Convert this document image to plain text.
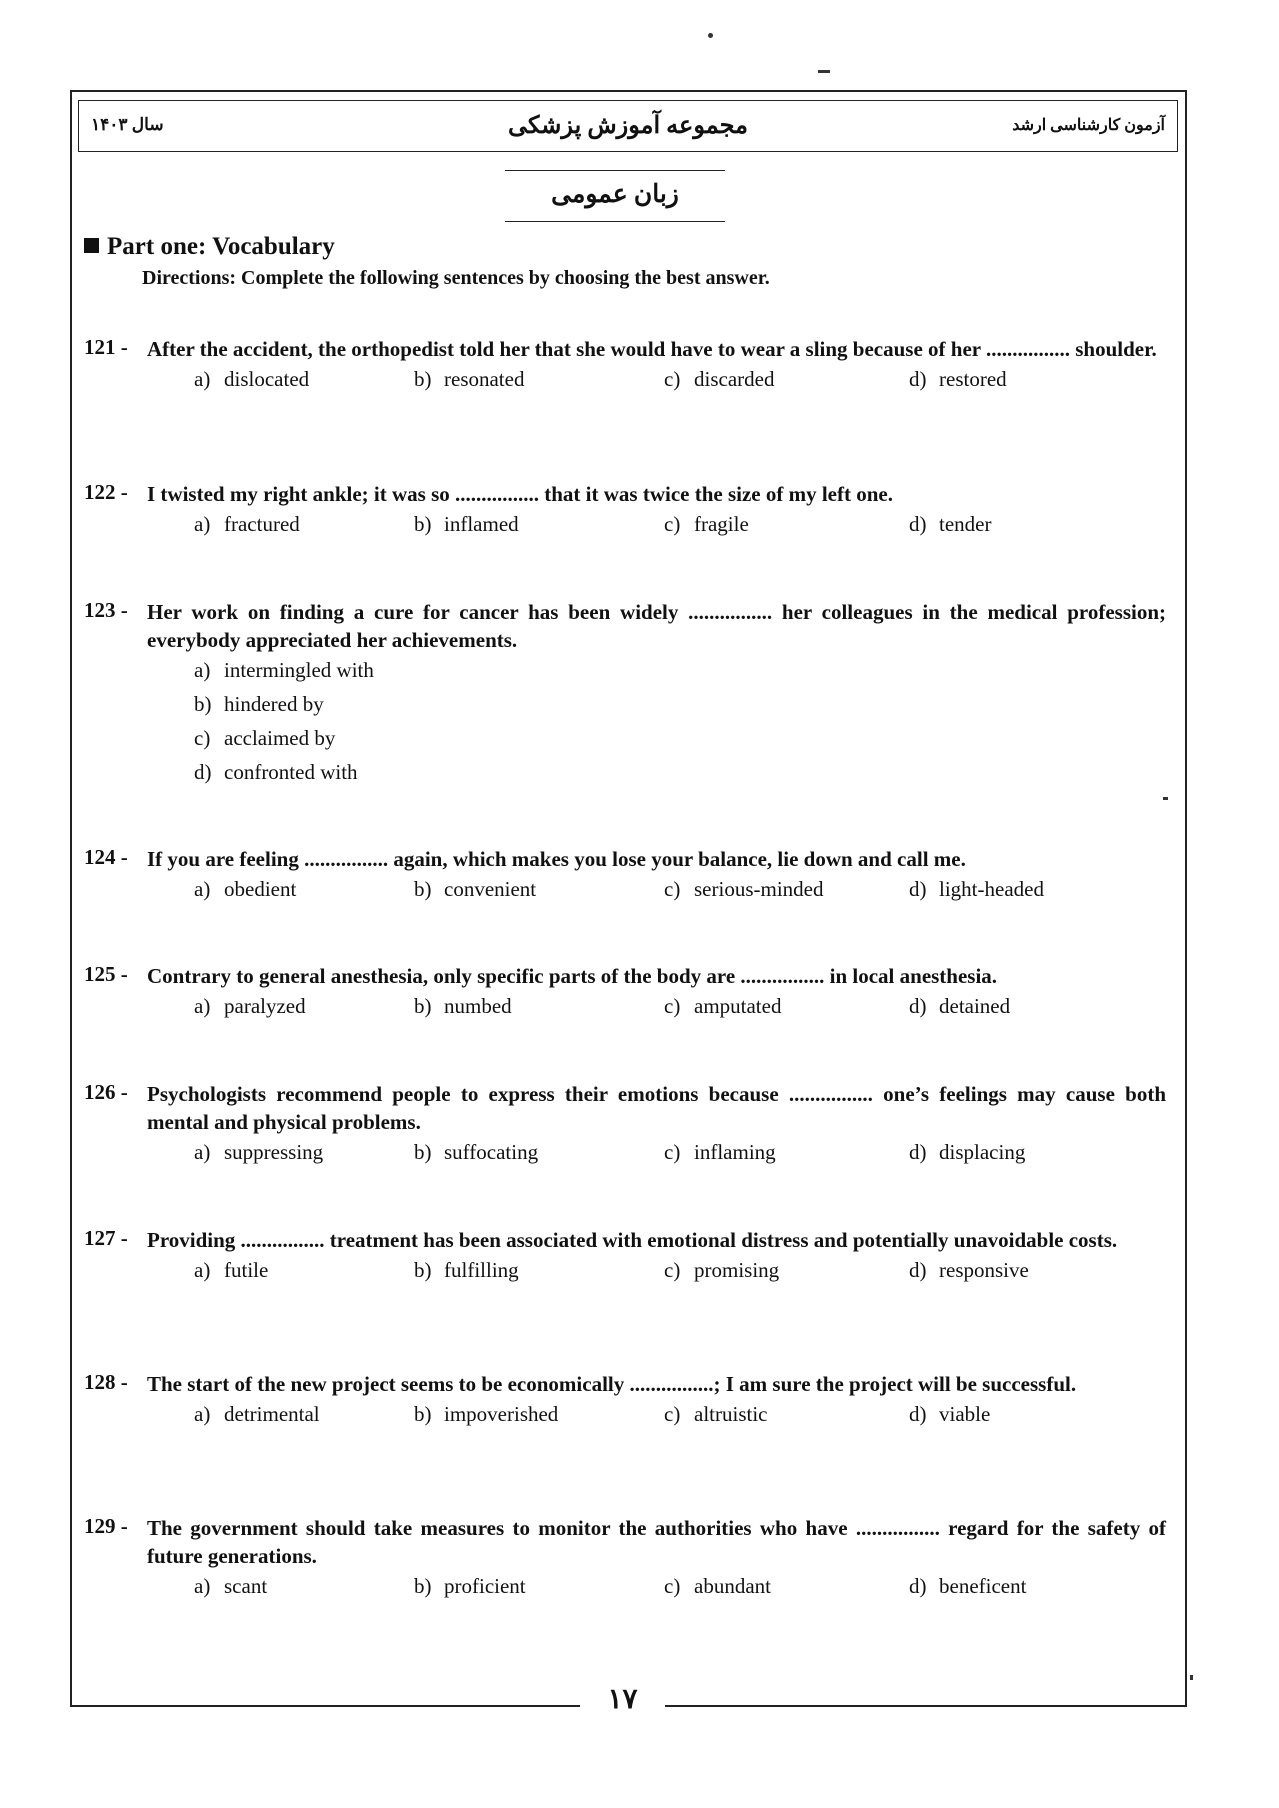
سال ۱۴۰۳	مجموعه آموزش پزشکی	آزمون کارشناسی ارشد
زبان عمومی
Part one: Vocabulary
Directions: Complete the following sentences by choosing the best answer.
121 - After the accident, the orthopedist told her that she would have to wear a sling because of her ................ shoulder.
a) dislocated	b) resonated	c) discarded	d) restored
122 - I twisted my right ankle; it was so ................ that it was twice the size of my left one.
a) fractured	b) inflamed	c) fragile	d) tender
123 - Her work on finding a cure for cancer has been widely ................ her colleagues in the medical profession; everybody appreciated her achievements.
a) intermingled with
b) hindered by
c) acclaimed by
d) confronted with
124 - If you are feeling ................ again, which makes you lose your balance, lie down and call me.
a) obedient	b) convenient	c) serious-minded	d) light-headed
125 - Contrary to general anesthesia, only specific parts of the body are ................ in local anesthesia.
a) paralyzed	b) numbed	c) amputated	d) detained
126 - Psychologists recommend people to express their emotions because ................ one’s feelings may cause both mental and physical problems.
a) suppressing	b) suffocating	c) inflaming	d) displacing
127 - Providing ................ treatment has been associated with emotional distress and potentially unavoidable costs.
a) futile	b) fulfilling	c) promising	d) responsive
128 - The start of the new project seems to be economically ................; I am sure the project will be successful.
a) detrimental	b) impoverished	c) altruistic	d) viable
129 - The government should take measures to monitor the authorities who have ................ regard for the safety of future generations.
a) scant	b) proficient	c) abundant	d) beneficent
۱۷
